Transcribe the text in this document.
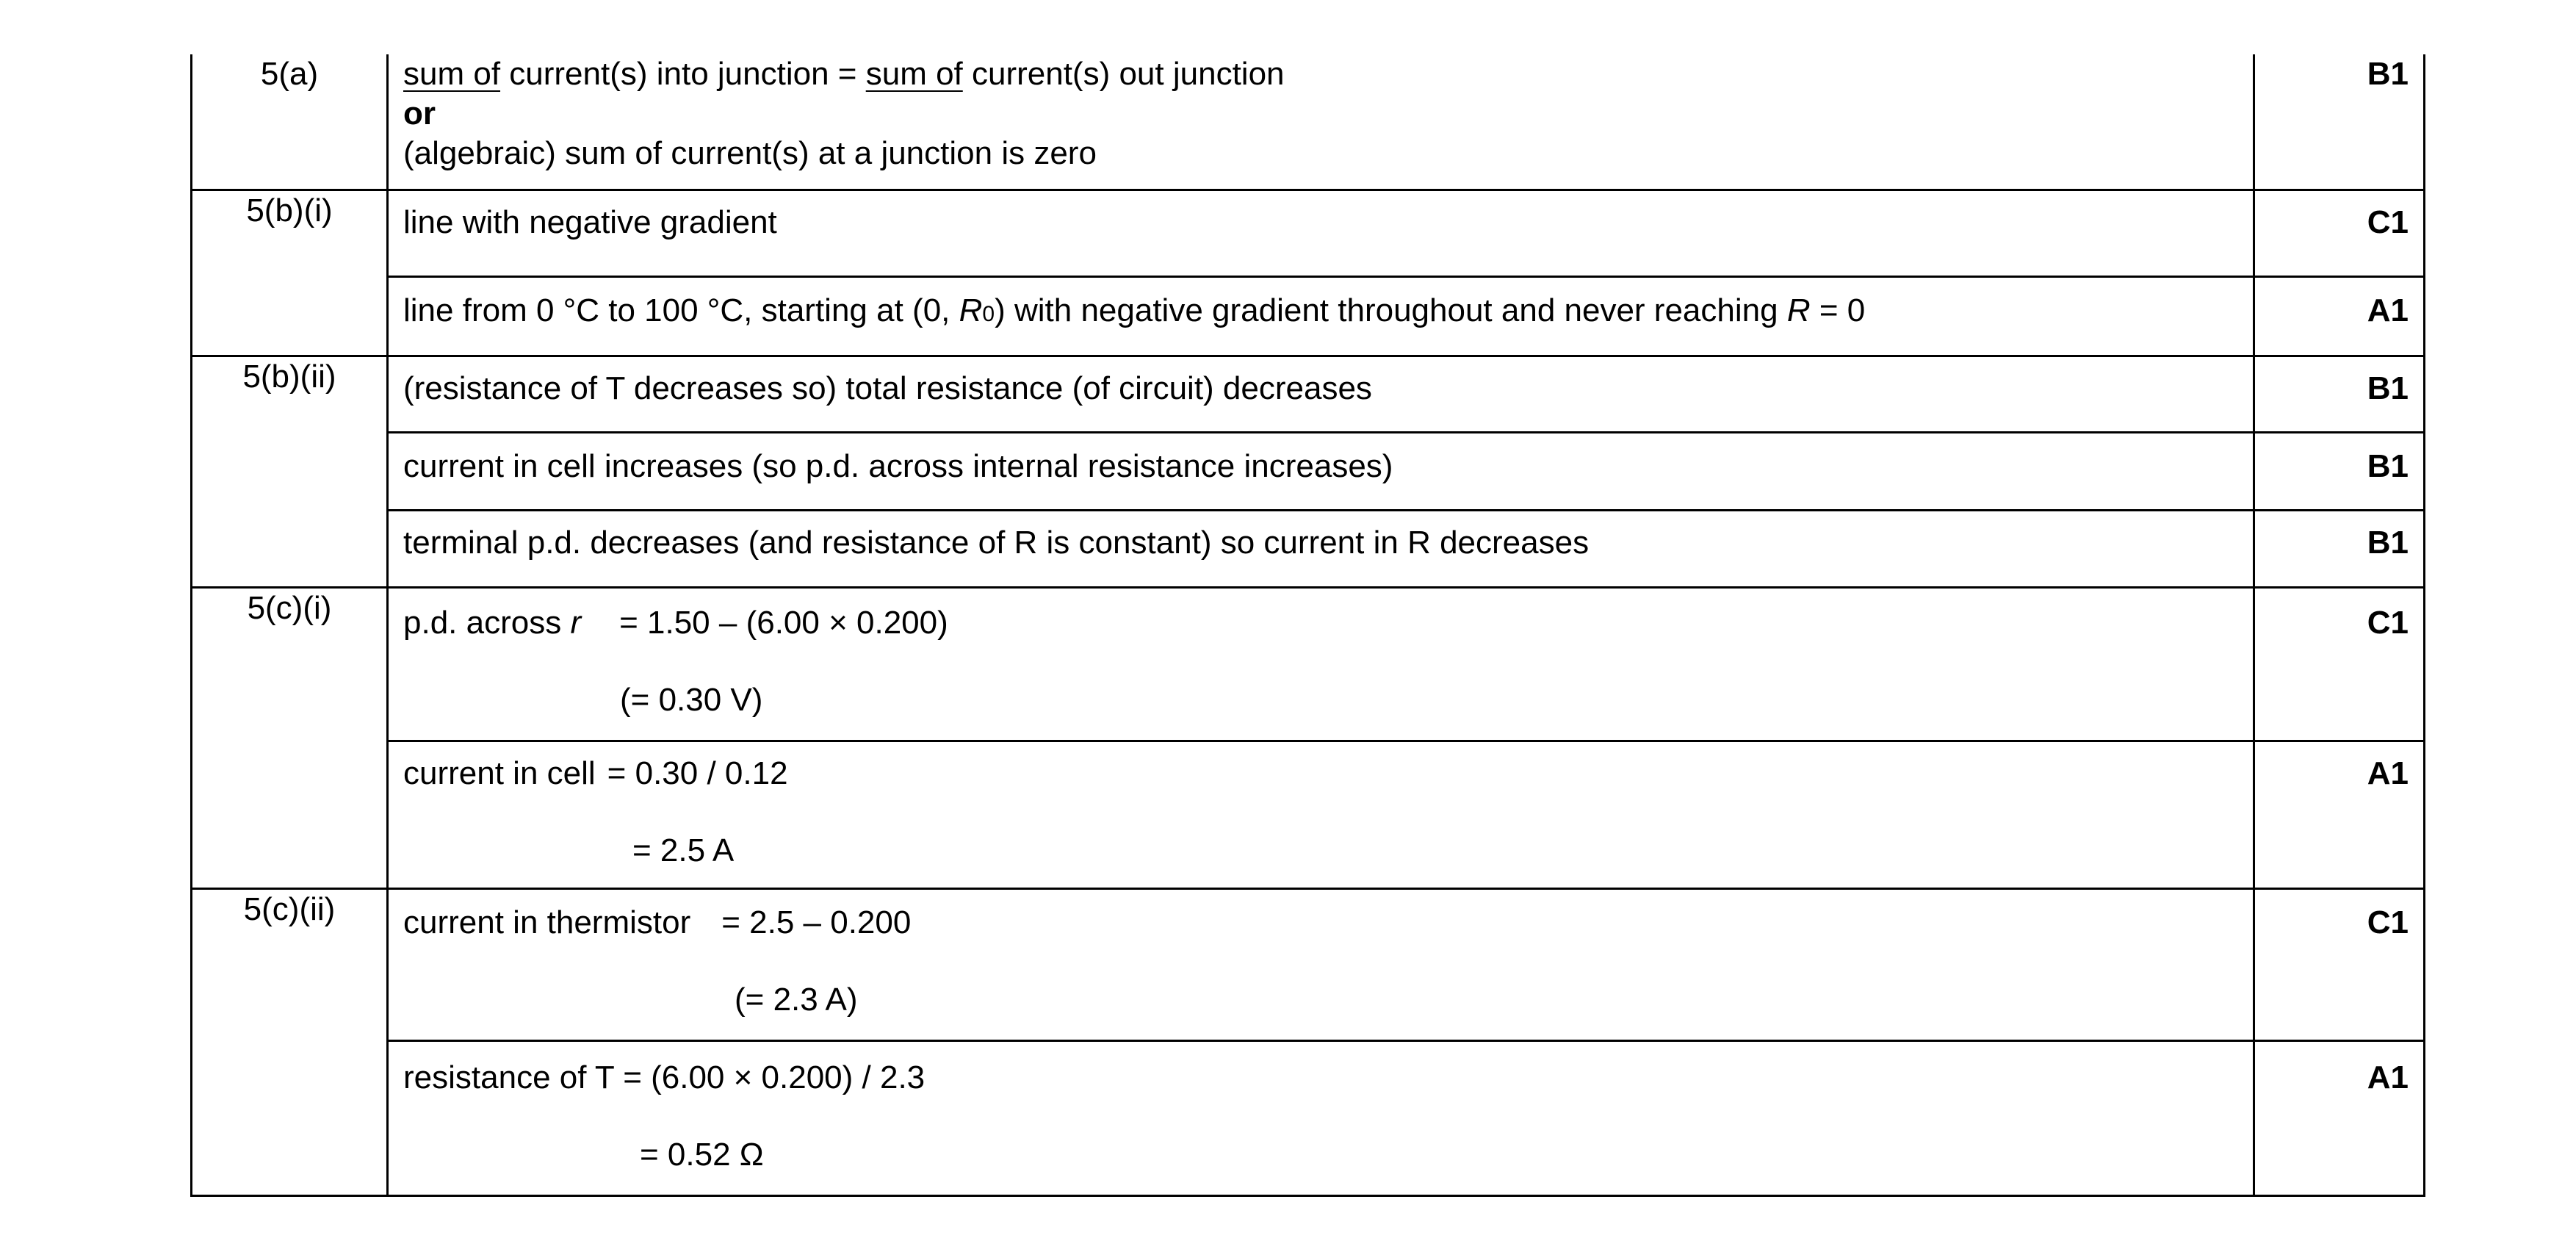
5(a)	sum of current(s) into junction = sum of current(s) out junction
or
(algebraic) sum of current(s) at a junction is zero	B1
5(b)(i)	line with negative gradient	C1

	line from 0 °C to 100 °C, starting at (0, R0) with negative gradient throughout and never reaching R = 0	A1
5(b)(ii)	(resistance of T decreases so) total resistance (of circuit) decreases	B1

	current in cell increases (so p.d. across internal resistance increases)	B1

	terminal p.d. decreases (and resistance of R is constant) so current in R decreases	B1
5(c)(i)	p.d. across r = 1.50 – (6.00 × 0.200)
(= 0.30 V)	C1

	current in cell = 0.30 / 0.12
= 2.5 A	A1
5(c)(ii)	current in thermistor = 2.5 – 0.200
(= 2.3 A)	C1

	resistance of T = (6.00 × 0.200) / 2.3
= 0.52 Ω	A1
